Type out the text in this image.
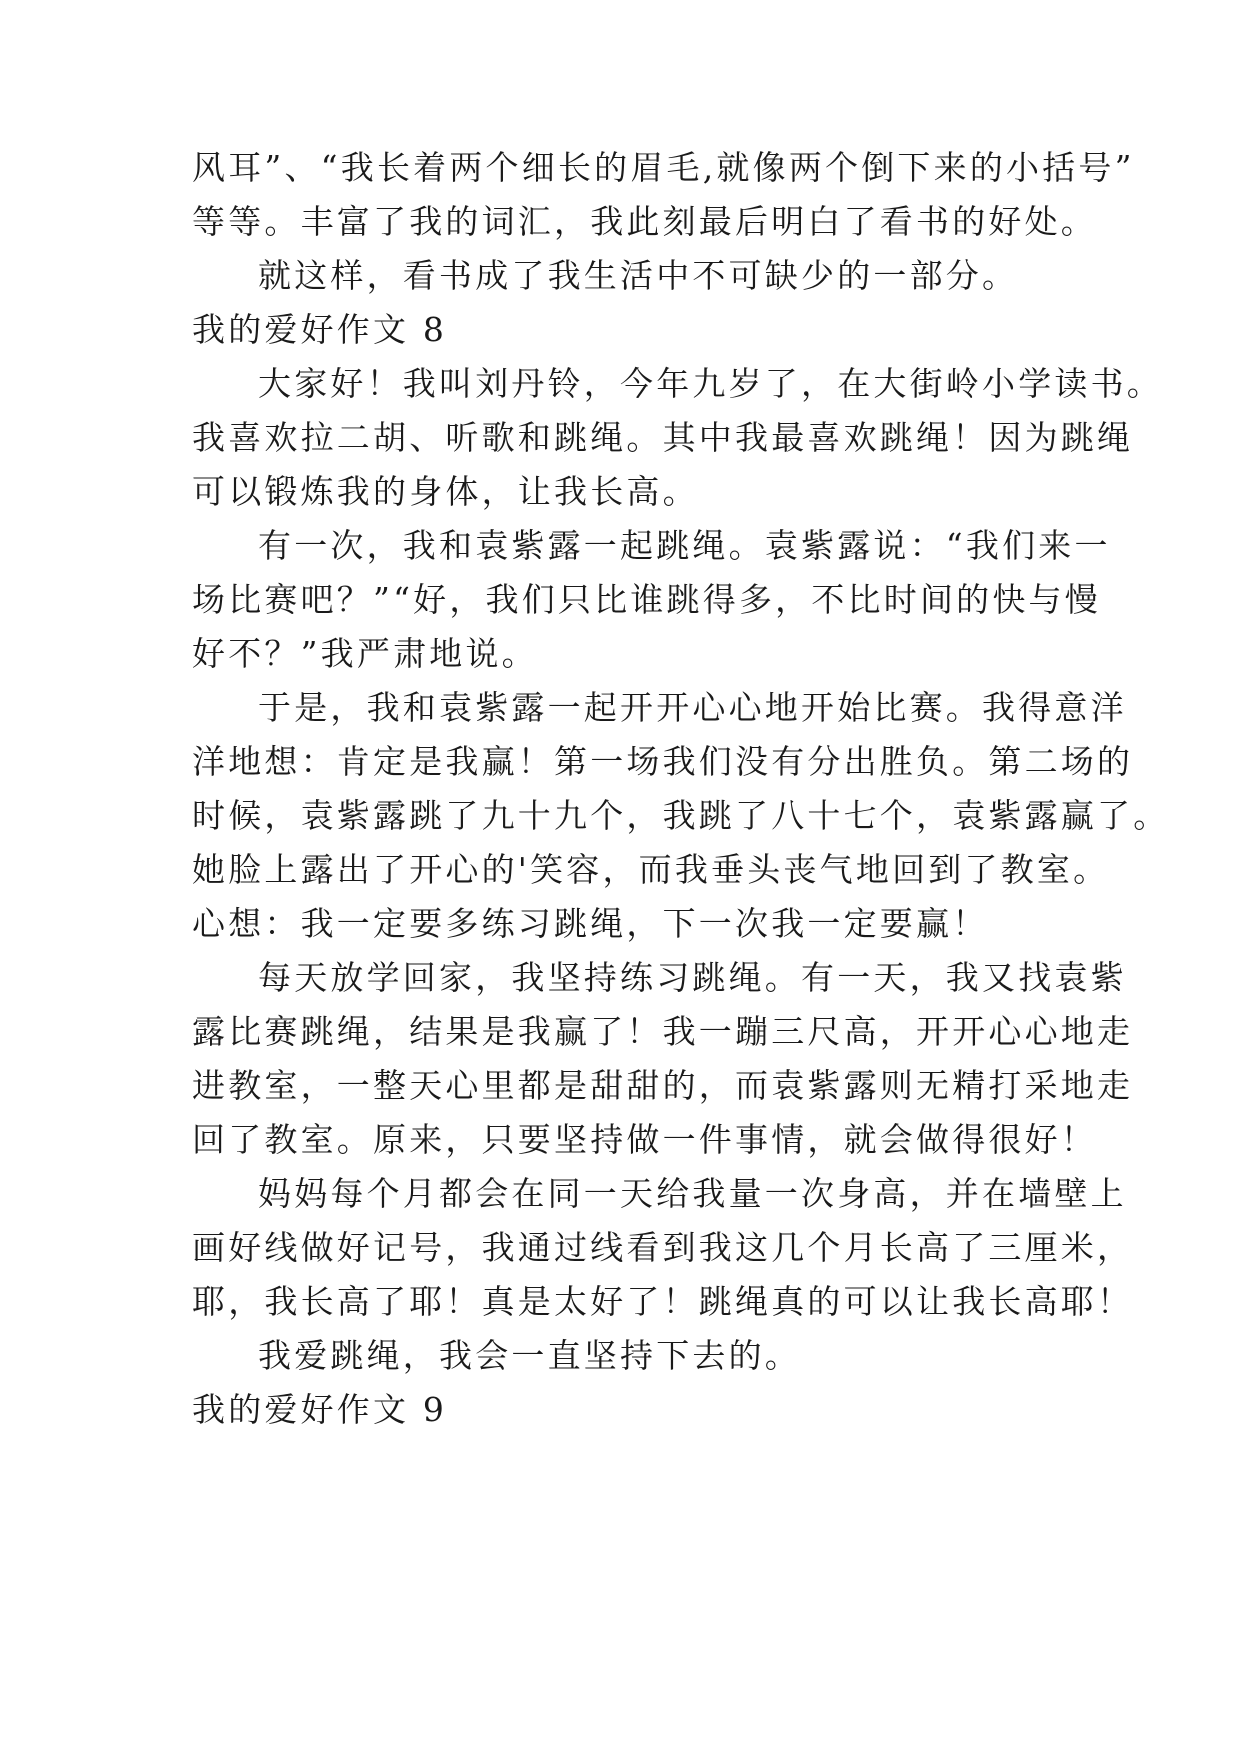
风耳”、“我长着两个细长的眉毛,就像两个倒下来的小括号”
等等。丰富了我的词汇，我此刻最后明白了看书的好处。
就这样，看书成了我生活中不可缺少的一部分。
我的爱好作文 8
大家好！我叫刘丹铃，今年九岁了，在大街岭小学读书。
我喜欢拉二胡、听歌和跳绳。其中我最喜欢跳绳！因为跳绳
可以锻炼我的身体，让我长高。
有一次，我和袁紫露一起跳绳。袁紫露说：“我们来一
场比赛吧？”“好，我们只比谁跳得多，不比时间的快与慢
好不？”我严肃地说。
于是，我和袁紫露一起开开心心地开始比赛。我得意洋
洋地想：肯定是我赢！第一场我们没有分出胜负。第二场的
时候，袁紫露跳了九十九个，我跳了八十七个，袁紫露赢了。
她脸上露出了开心的'笑容，而我垂头丧气地回到了教室。
心想：我一定要多练习跳绳，下一次我一定要赢！
每天放学回家，我坚持练习跳绳。有一天，我又找袁紫
露比赛跳绳，结果是我赢了！我一蹦三尺高，开开心心地走
进教室，一整天心里都是甜甜的，而袁紫露则无精打采地走
回了教室。原来，只要坚持做一件事情，就会做得很好！
妈妈每个月都会在同一天给我量一次身高，并在墙壁上
画好线做好记号，我通过线看到我这几个月长高了三厘米，
耶，我长高了耶！真是太好了！跳绳真的可以让我长高耶！
我爱跳绳，我会一直坚持下去的。
我的爱好作文 9
